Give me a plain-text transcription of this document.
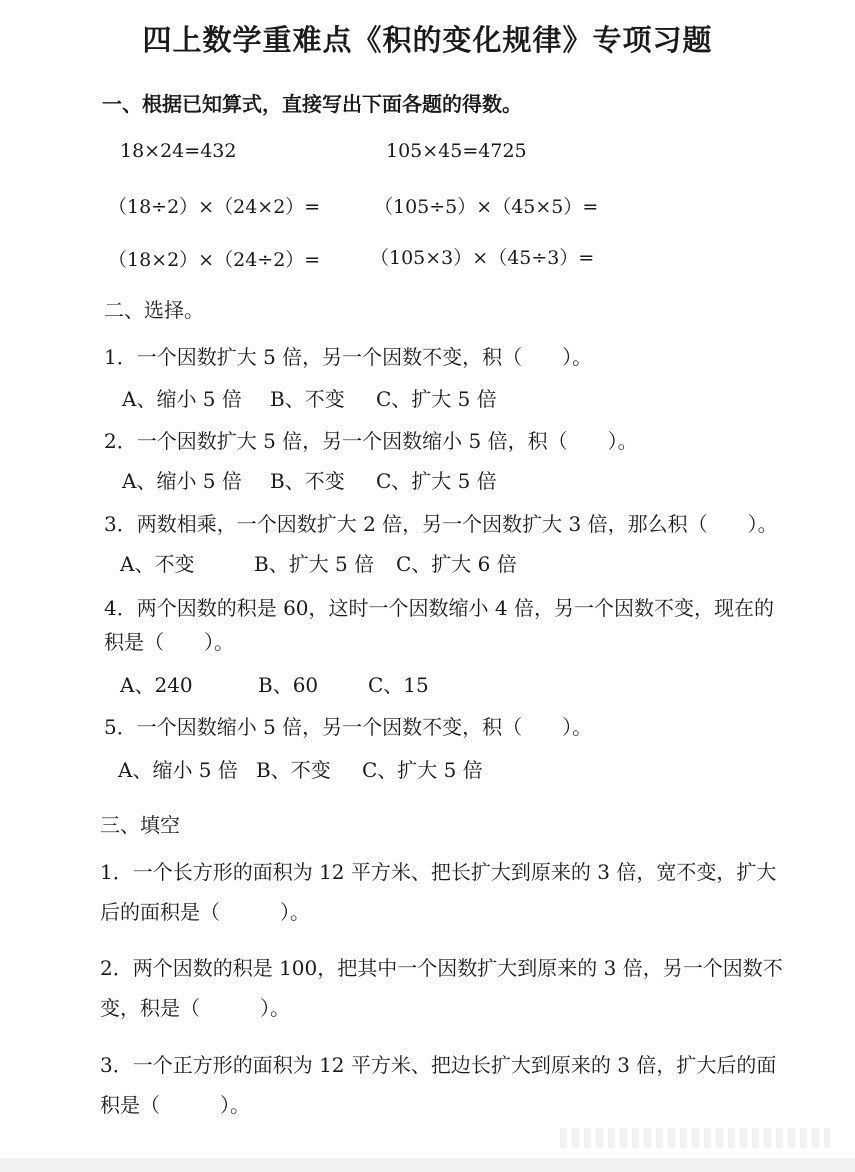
四上数学重难点《积的变化规律》专项习题
一、根据已知算式，直接写出下面各题的得数。
18×24=432	105×45=4725
（18÷2）×（24×2）=	（105÷5）×（45×5）=
（18×2）×（24÷2）=	（105×3）×（45÷3）=
二、选择。
1．一个因数扩大 5 倍，另一个因数不变，积（　　）。
A、缩小 5 倍 B、不变 C、扩大 5 倍
2．一个因数扩大 5 倍，另一个因数缩小 5 倍，积（　　）。
A、缩小 5 倍 B、不变 C、扩大 5 倍
3．两数相乘，一个因数扩大 2 倍，另一个因数扩大 3 倍，那么积（　　）。
A、不变	B、扩大 5 倍 C、扩大 6 倍
4．两个因数的积是 60，这时一个因数缩小 4 倍，另一个因数不变，现在的
积是（　　）。
A、240	B、60 C、15
5．一个因数缩小 5 倍，另一个因数不变，积（　　）。
A、缩小 5 倍 B、不变 C、扩大 5 倍
三、填空
1．一个长方形的面积为 12 平方米、把长扩大到原来的 3 倍，宽不变，扩大
后的面积是（　　　）。
2．两个因数的积是 100，把其中一个因数扩大到原来的 3 倍，另一个因数不
变，积是（　　　）。
3．一个正方形的面积为 12 平方米、把边长扩大到原来的 3 倍，扩大后的面
积是（　　　）。
